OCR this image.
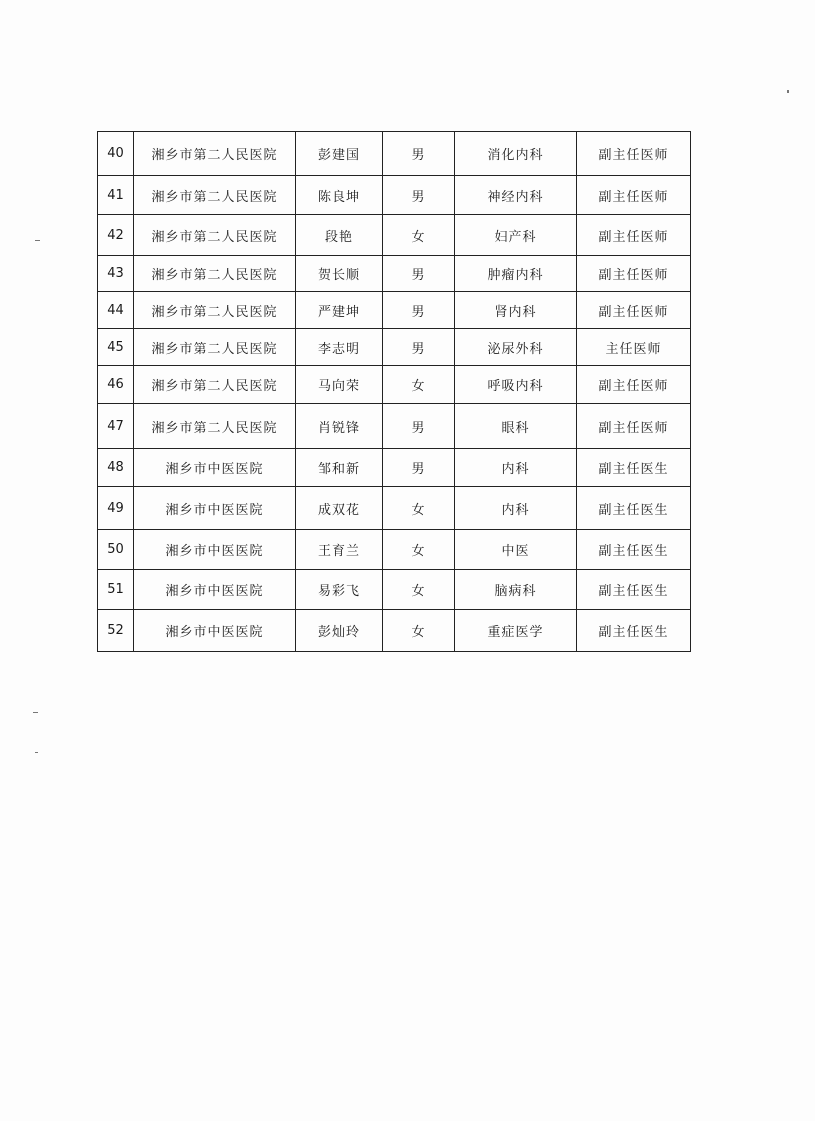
40	湘乡市第二人民医院	彭建国	男	消化内科	副主任医师
41	湘乡市第二人民医院	陈良坤	男	神经内科	副主任医师
42	湘乡市第二人民医院	段艳	女	妇产科	副主任医师
43	湘乡市第二人民医院	贺长顺	男	肿瘤内科	副主任医师
44	湘乡市第二人民医院	严建坤	男	肾内科	副主任医师
45	湘乡市第二人民医院	李志明	男	泌尿外科	主任医师
46	湘乡市第二人民医院	马向荣	女	呼吸内科	副主任医师
47	湘乡市第二人民医院	肖锐锋	男	眼科	副主任医师
48	湘乡市中医医院	邹和新	男	内科	副主任医生
49	湘乡市中医医院	成双花	女	内科	副主任医生
50	湘乡市中医医院	王育兰	女	中医	副主任医生
51	湘乡市中医医院	易彩飞	女	脑病科	副主任医生
52	湘乡市中医医院	彭灿玲	女	重症医学	副主任医生
